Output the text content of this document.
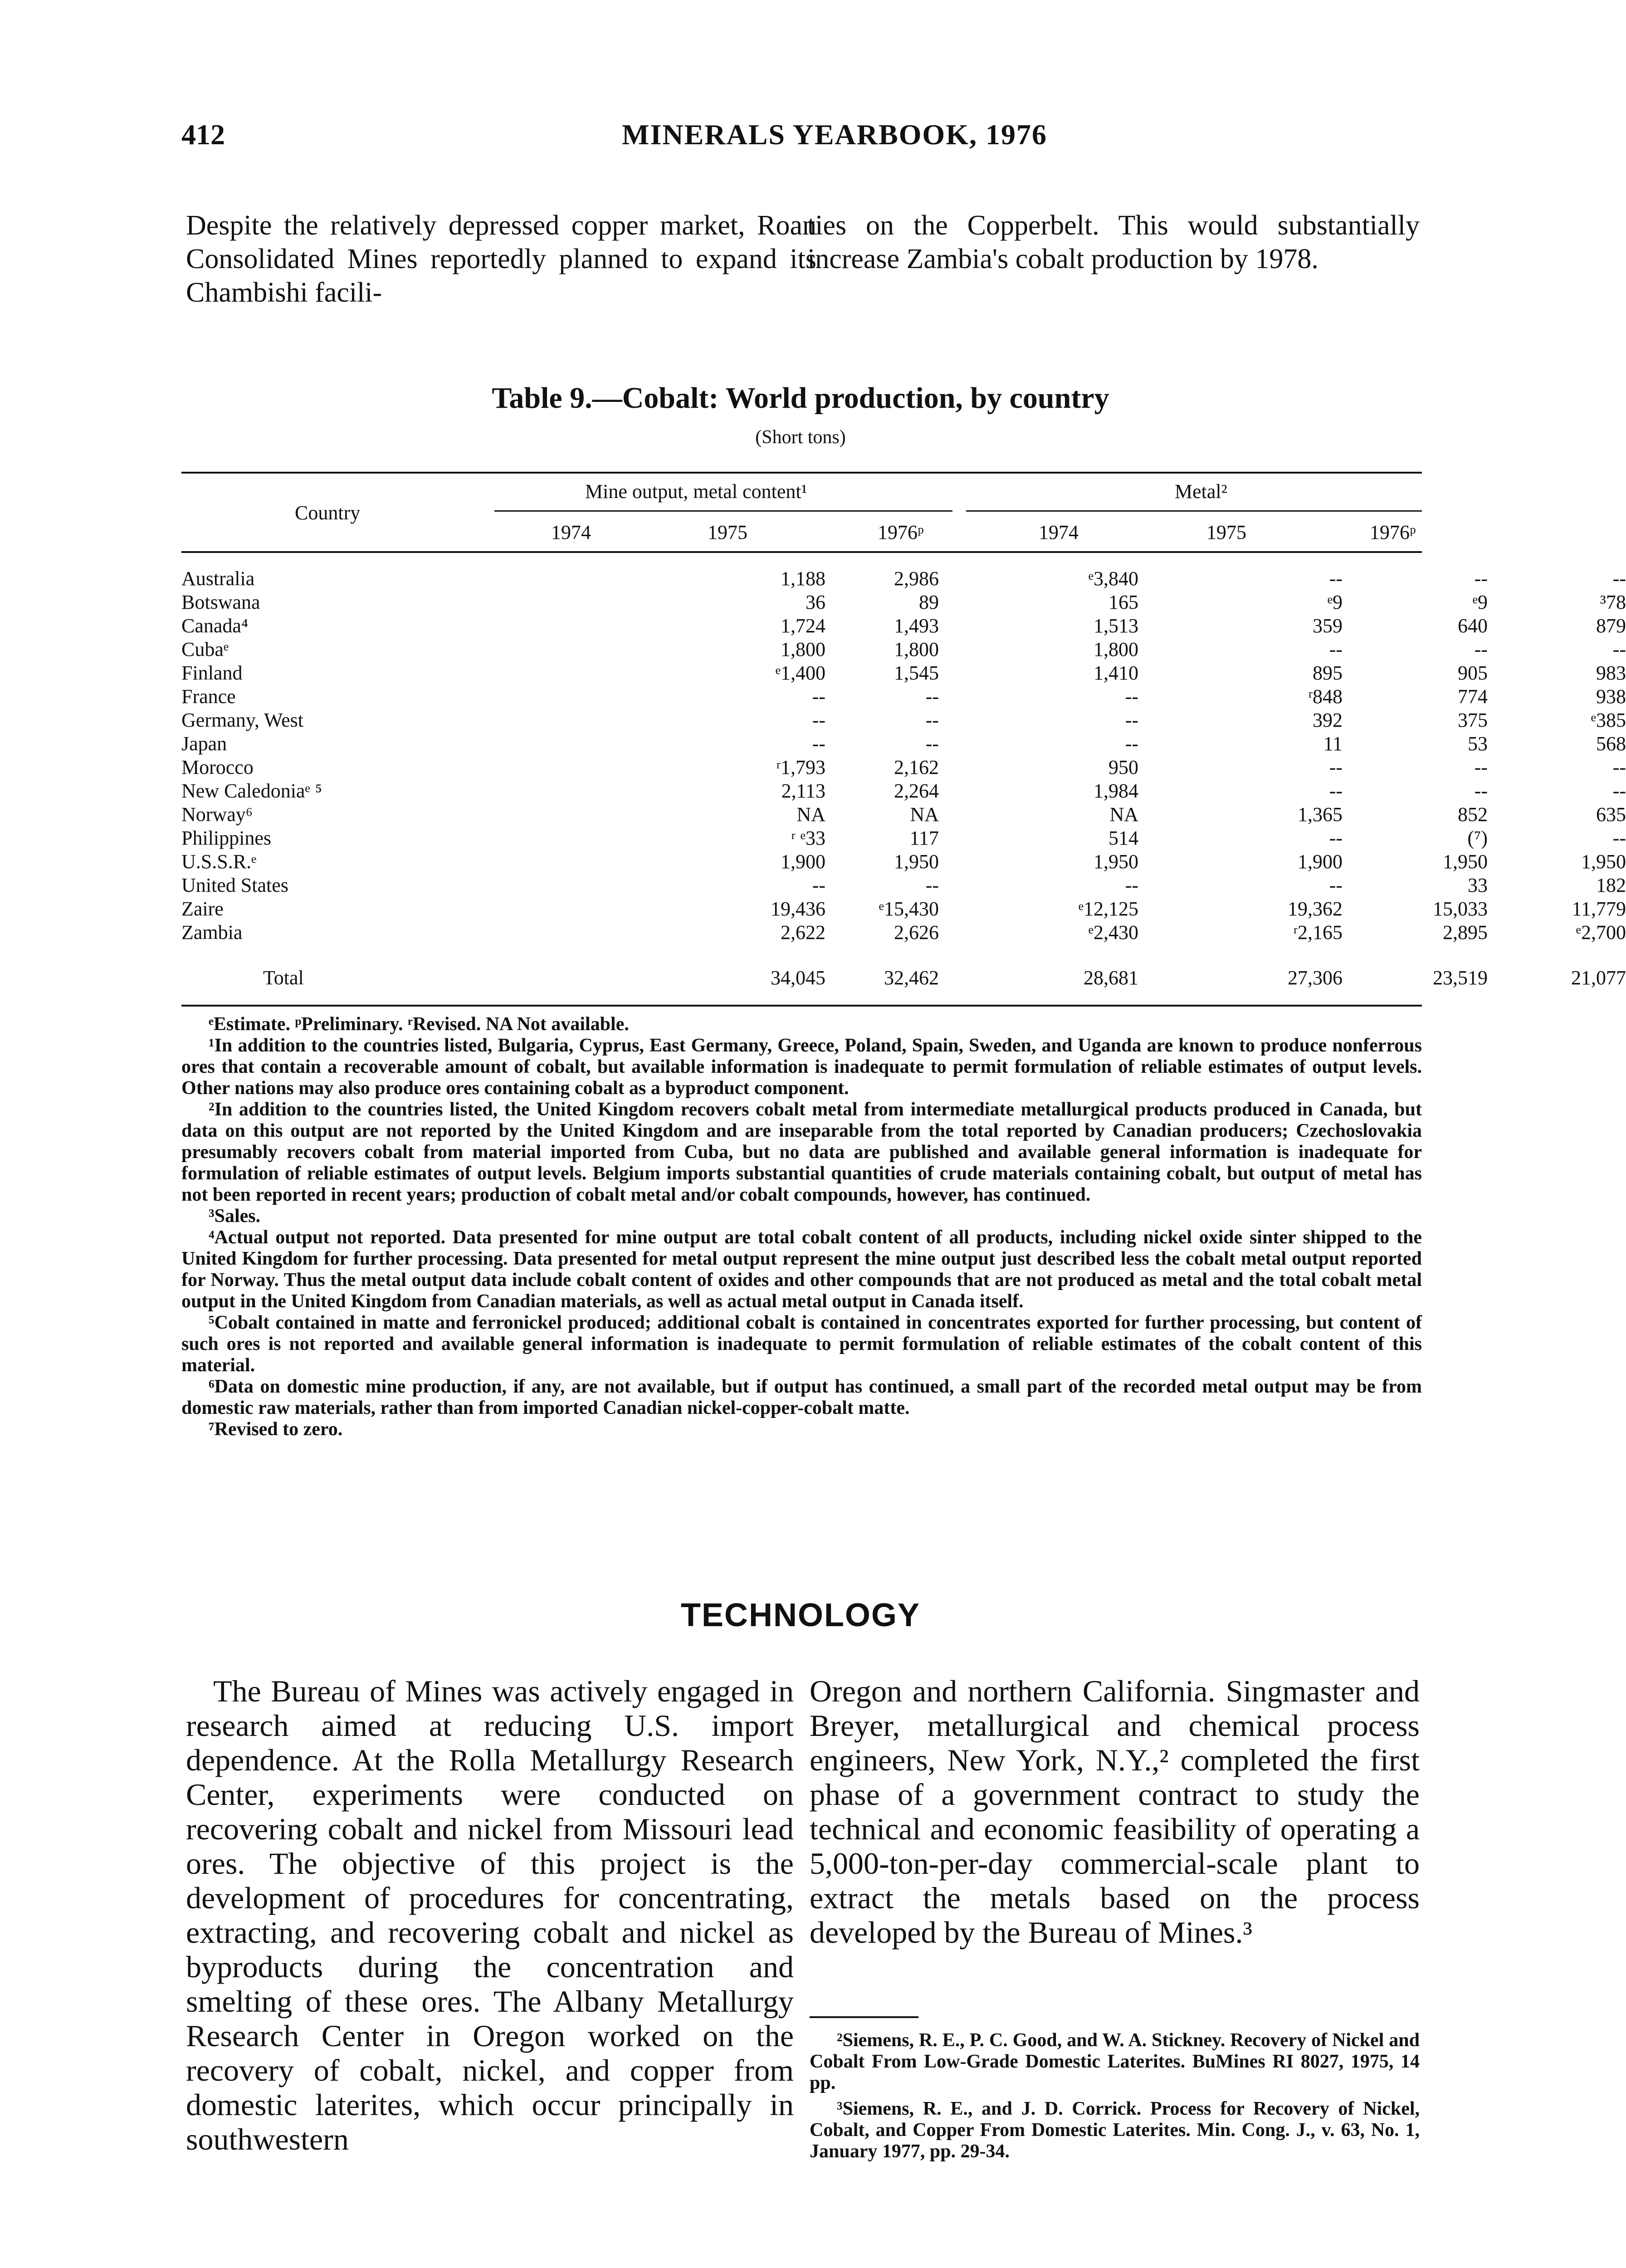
412	MINERALS YEARBOOK, 1976
Despite the relatively depressed copper market, Roan Consolidated Mines reportedly planned to expand its Chambishi facili-
ties on the Copperbelt. This would substantially increase Zambia's cobalt production by 1978.
Table 9.—Cobalt: World production, by country
(Short tons)
Country
Mine output, metal content¹	Metal²
1974	1975	1976ᵖ	1974	1975	1976ᵖ
Australia	1,188	2,986	ᵉ3,840	--	--	--
Botswana	36	89	165	ᵉ9	ᵉ9	³78
Canada⁴	1,724	1,493	1,513	359	640	879
Cubaᵉ	1,800	1,800	1,800	--	--	--
Finland	ᵉ1,400	1,545	1,410	895	905	983
France	--	--	--	ʳ848	774	938
Germany, West	--	--	--	392	375	ᵉ385
Japan	--	--	--	11	53	568
Morocco	ʳ1,793	2,162	950	--	--	--
New Caledoniaᵉ ⁵	2,113	2,264	1,984	--	--	--
Norway⁶	NA	NA	NA	1,365	852	635
Philippines	ʳ ᵉ33	117	514	--	(⁷)	--
U.S.S.R.ᵉ	1,900	1,950	1,950	1,900	1,950	1,950
United States	--	--	--	--	33	182
Zaire	19,436	ᵉ15,430	ᵉ12,125	19,362	15,033	11,779
Zambia	2,622	2,626	ᵉ2,430	ʳ2,165	2,895	ᵉ2,700
Total	34,045	32,462	28,681	27,306	23,519	21,077

ᵉEstimate. ᵖPreliminary. ʳRevised. NA Not available.

¹In addition to the countries listed, Bulgaria, Cyprus, East Germany, Greece, Poland, Spain, Sweden, and Uganda are known to produce nonferrous ores that contain a recoverable amount of cobalt, but available information is inadequate to permit formulation of reliable estimates of output levels. Other nations may also produce ores containing cobalt as a byproduct component.

²In addition to the countries listed, the United Kingdom recovers cobalt metal from intermediate metallurgical products produced in Canada, but data on this output are not reported by the United Kingdom and are inseparable from the total reported by Canadian producers; Czechoslovakia presumably recovers cobalt from material imported from Cuba, but no data are published and available general information is inadequate for formulation of reliable estimates of output levels. Belgium imports substantial quantities of crude materials containing cobalt, but output of metal has not been reported in recent years; production of cobalt metal and/or cobalt compounds, however, has continued.

³Sales.

⁴Actual output not reported. Data presented for mine output are total cobalt content of all products, including nickel oxide sinter shipped to the United Kingdom for further processing. Data presented for metal output represent the mine output just described less the cobalt metal output reported for Norway. Thus the metal output data include cobalt content of oxides and other compounds that are not produced as metal and the total cobalt metal output in the United Kingdom from Canadian materials, as well as actual metal output in Canada itself.

⁵Cobalt contained in matte and ferronickel produced; additional cobalt is contained in concentrates exported for further processing, but content of such ores is not reported and available general information is inadequate to permit formulation of reliable estimates of the cobalt content of this material.

⁶Data on domestic mine production, if any, are not available, but if output has continued, a small part of the recorded metal output may be from domestic raw materials, rather than from imported Canadian nickel-copper-cobalt matte.

⁷Revised to zero.

TECHNOLOGY

The Bureau of Mines was actively engaged in research aimed at reducing U.S. import dependence. At the Rolla Metallurgy Research Center, experiments were conducted on recovering cobalt and nickel from Missouri lead ores. The objective of this project is the development of procedures for concentrating, extracting, and recovering cobalt and nickel as byproducts during the concentration and smelting of these ores. The Albany Metallurgy Research Center in Oregon worked on the recovery of cobalt, nickel, and copper from domestic laterites, which occur principally in southwestern

Oregon and northern California. Singmaster and Breyer, metallurgical and chemical process engineers, New York, N.Y.,² completed the first phase of a government contract to study the technical and economic feasibility of operating a 5,000-ton-per-day commercial-scale plant to extract the metals based on the process developed by the Bureau of Mines.³

²Siemens, R. E., P. C. Good, and W. A. Stickney. Recovery of Nickel and Cobalt From Low-Grade Domestic Laterites. BuMines RI 8027, 1975, 14 pp.

³Siemens, R. E., and J. D. Corrick. Process for Recovery of Nickel, Cobalt, and Copper From Domestic Laterites. Min. Cong. J., v. 63, No. 1, January 1977, pp. 29-34.
